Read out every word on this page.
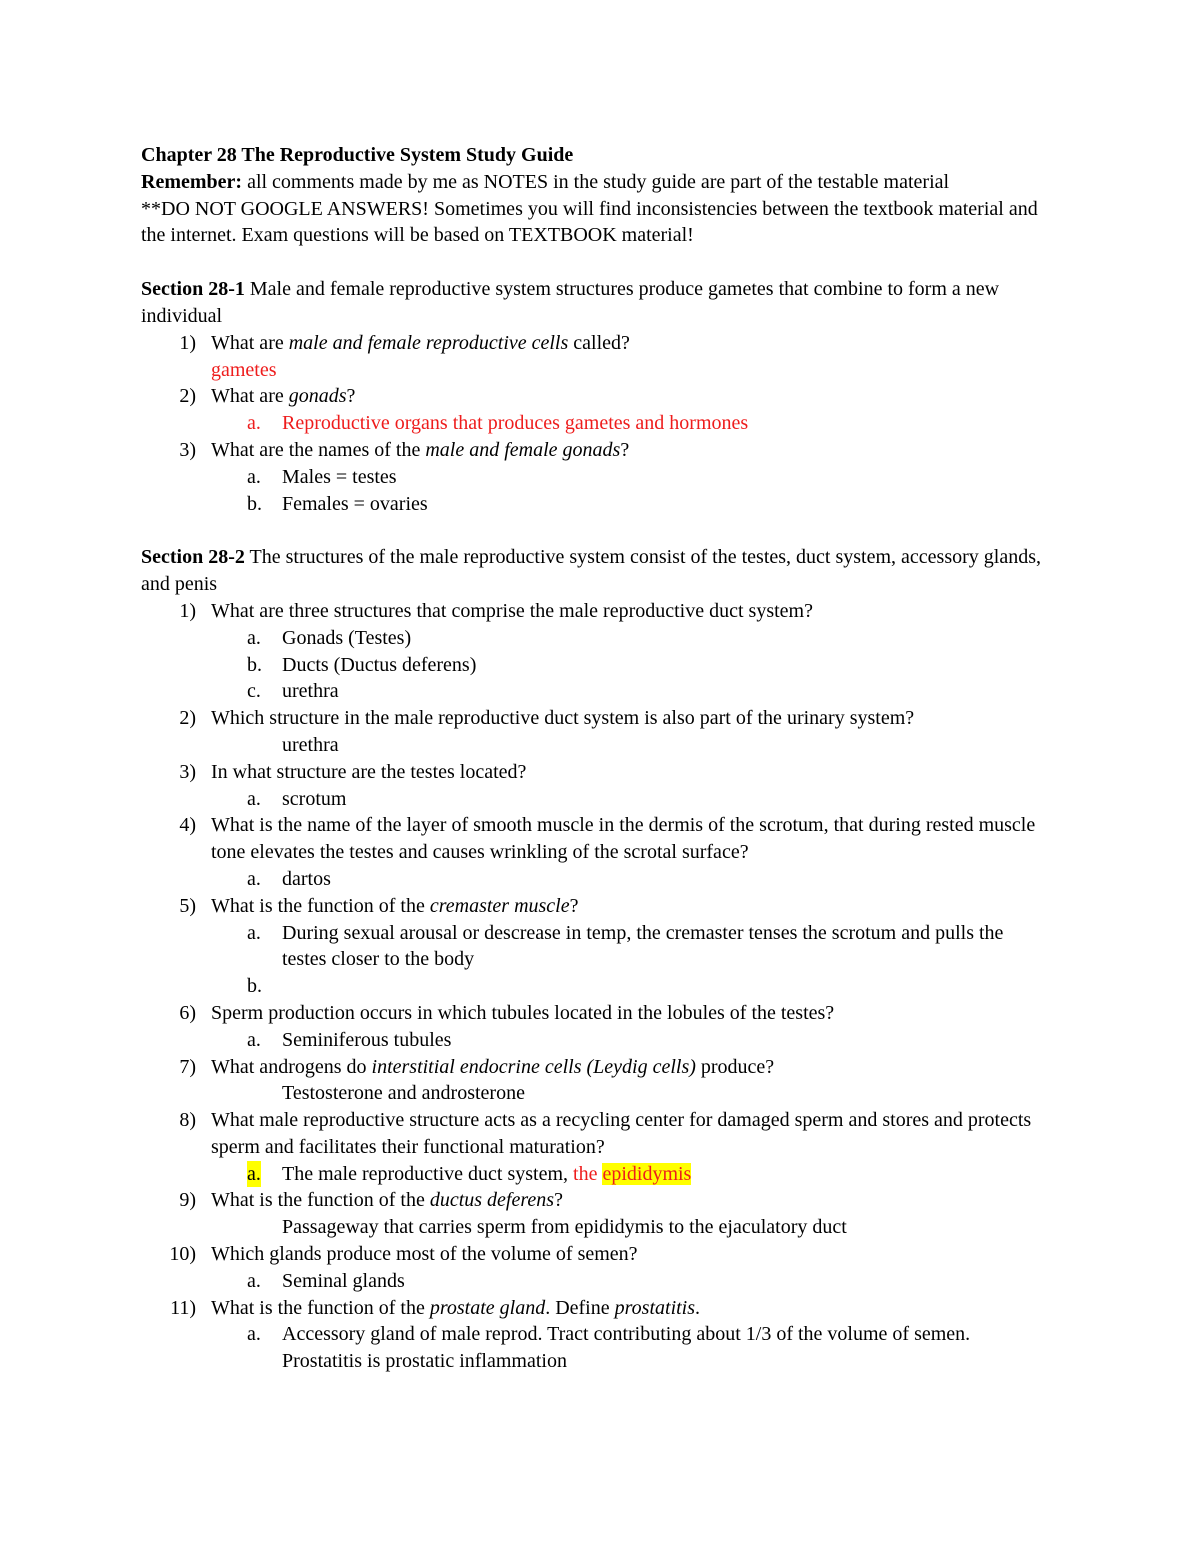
Chapter 28 The Reproductive System Study Guide
Remember: all comments made by me as NOTES in the study guide are part of the testable material
**DO NOT GOOGLE ANSWERS! Sometimes you will find inconsistencies between the textbook material and the internet. Exam questions will be based on TEXTBOOK material!
Section 28-1 Male and female reproductive system structures produce gametes that combine to form a new individual
1) What are male and female reproductive cells called?
gametes
2) What are gonads?
a. Reproductive organs that produces gametes and hormones
3) What are the names of the male and female gonads?
a. Males = testes
b. Females = ovaries
Section 28-2 The structures of the male reproductive system consist of the testes, duct system, accessory glands, and penis
1) What are three structures that comprise the male reproductive duct system?
a. Gonads (Testes)
b. Ducts (Ductus deferens)
c. urethra
2) Which structure in the male reproductive duct system is also part of the urinary system?
urethra
3) In what structure are the testes located?
a. scrotum
4) What is the name of the layer of smooth muscle in the dermis of the scrotum, that during rested muscle tone elevates the testes and causes wrinkling of the scrotal surface?
a. dartos
5) What is the function of the cremaster muscle?
a. During sexual arousal or descrease in temp, the cremaster tenses the scrotum and pulls the testes closer to the body
b.

6) Sperm production occurs in which tubules located in the lobules of the testes?
a. Seminiferous tubules
7) What androgens do interstitial endocrine cells (Leydig cells) produce?
Testosterone and androsterone
8) What male reproductive structure acts as a recycling center for damaged sperm and stores and protects sperm and facilitates their functional maturation?
a. The male reproductive duct system, the epididymis
9) What is the function of the ductus deferens?
Passageway that carries sperm from epididymis to the ejaculatory duct
10) Which glands produce most of the volume of semen?
a. Seminal glands
11) What is the function of the prostate gland. Define prostatitis.
a. Accessory gland of male reprod. Tract contributing about 1/3 of the volume of semen.
Prostatitis is prostatic inflammation
